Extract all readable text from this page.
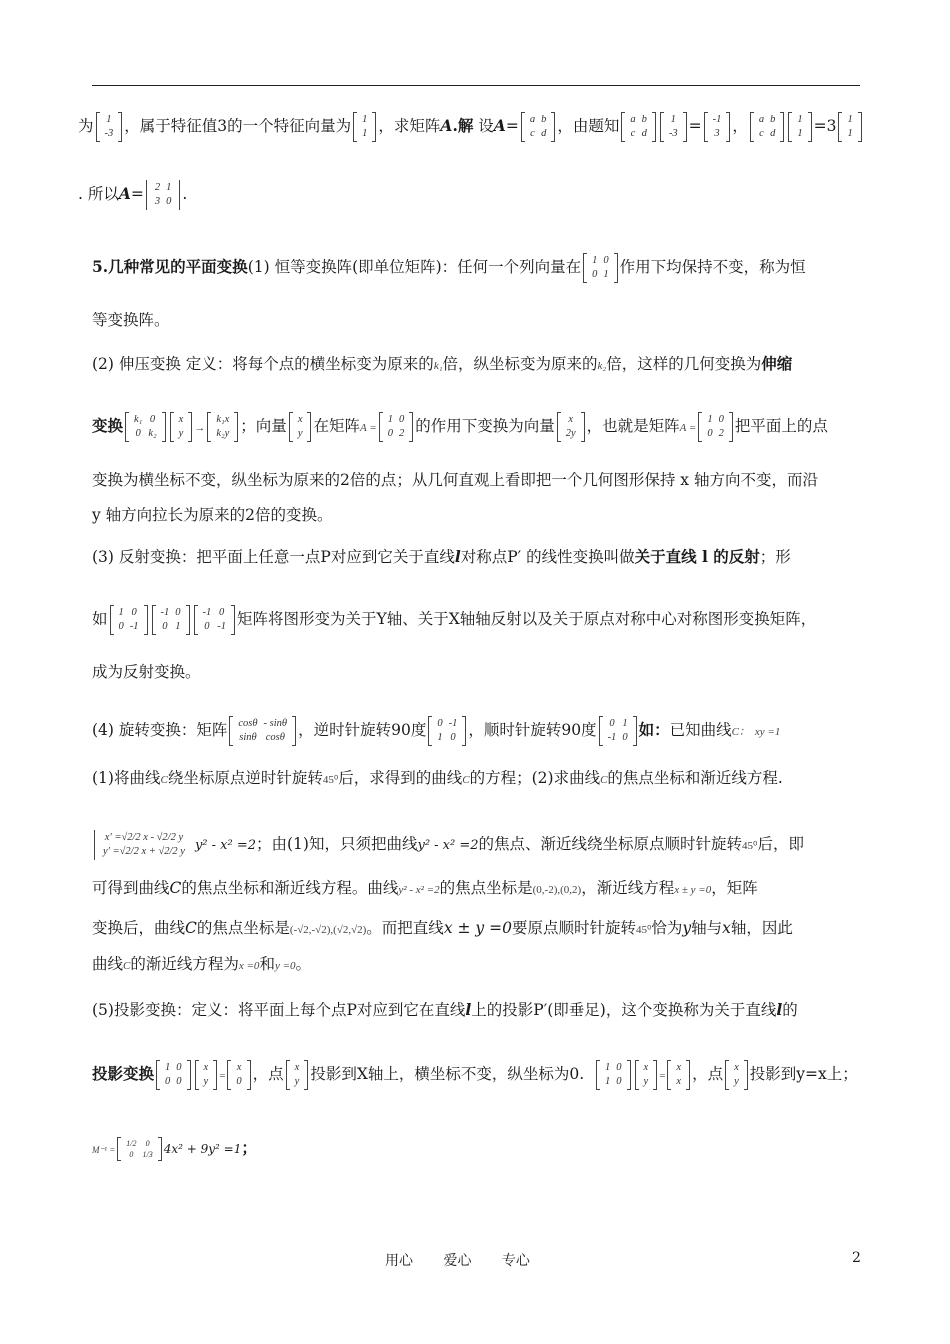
为 1
-3 ，属于特征值3的一个特征向量为 1
1 ，求矩阵A.解 设A= a	b
c	d ，由题知 a	b
c	d
1
-3 = -1
3 ， a	b
c	d
1
1 =3 1
1
. 所以A= 2	1
3	0 .
5.几种常见的平面变换(1) 恒等变换阵(即单位矩阵)：任何一个列向量在 1	0
0	1 作用下均保持不变，称为恒
等变换阵。
(2) 伸压变换 定义：将每个点的横坐标变为原来的k₁倍，纵坐标变为原来的k₂倍，这样的几何变换为伸缩
变换 k₁	0
0	k₂
x
y →
k₁x
k₂y ；向量 x
y 在矩阵A =
1	0
0	2 的作用下变换为向量 x
2y ，也就是矩阵A =
1	0
0	2 把平面上的点
变换为横坐标不变，纵坐标为原来的2倍的点；从几何直观上看即把一个几何图形保持 x 轴方向不变，而沿
y 轴方向拉长为原来的2倍的变换。
(3) 反射变换：把平面上任意一点P对应到它关于直线l对称点P′ 的线性变换叫做关于直线 l 的反射；形
如 1	0
0	-1
-1	0
0	1
-1	0
0	-1 矩阵将图形变为关于Y轴、关于X轴轴反射以及关于原点对称中心对称图形变换矩阵，
成为反射变换。
(4) 旋转变换：矩阵 cosθ	- sinθ
sinθ	cosθ ，逆时针旋转90度 0	-1
1	0 ，顺时针旋转90度 0	1
-1	0 如：已知曲线C： xy =1
(1)将曲线C绕坐标原点逆时针旋转45⁰后，求得到的曲线C的方程；(2)求曲线C的焦点坐标和渐近线方程.
x′ =√2/2 x - √2/2 y
y′ =√2/2 x + √2/2 y y² - x² =2；由(1)知，只须把曲线y² - x² =2的焦点、渐近线绕坐标原点顺时针旋转45⁰后，即
可得到曲线C的焦点坐标和渐近线方程。曲线y² - x² =2的焦点坐标是(0,-2),(0,2)，渐近线方程x ± y =0，矩阵
变换后，曲线C的焦点坐标是(-√2,-√2),(√2,√2)。而把直线x ± y =0要原点顺时针旋转45⁰恰为y轴与x轴，因此
曲线C的渐近线方程为x =0和y =0。
(5)投影变换：定义：将平面上每个点P对应到它在直线l上的投影P′(即垂足)，这个变换称为关于直线l的
投影变换 1	0
0	0
x
y =
x
0 ，点 x
y 投影到X轴上，横坐标不变，纵坐标为0. 1	0
1	0
x
y =
x
x ，点 x
y 投影到y=x上；
M⁻¹ =
1/2	0
0	1/3 4x² + 9y² =1；
用心 爱心 专心	2
